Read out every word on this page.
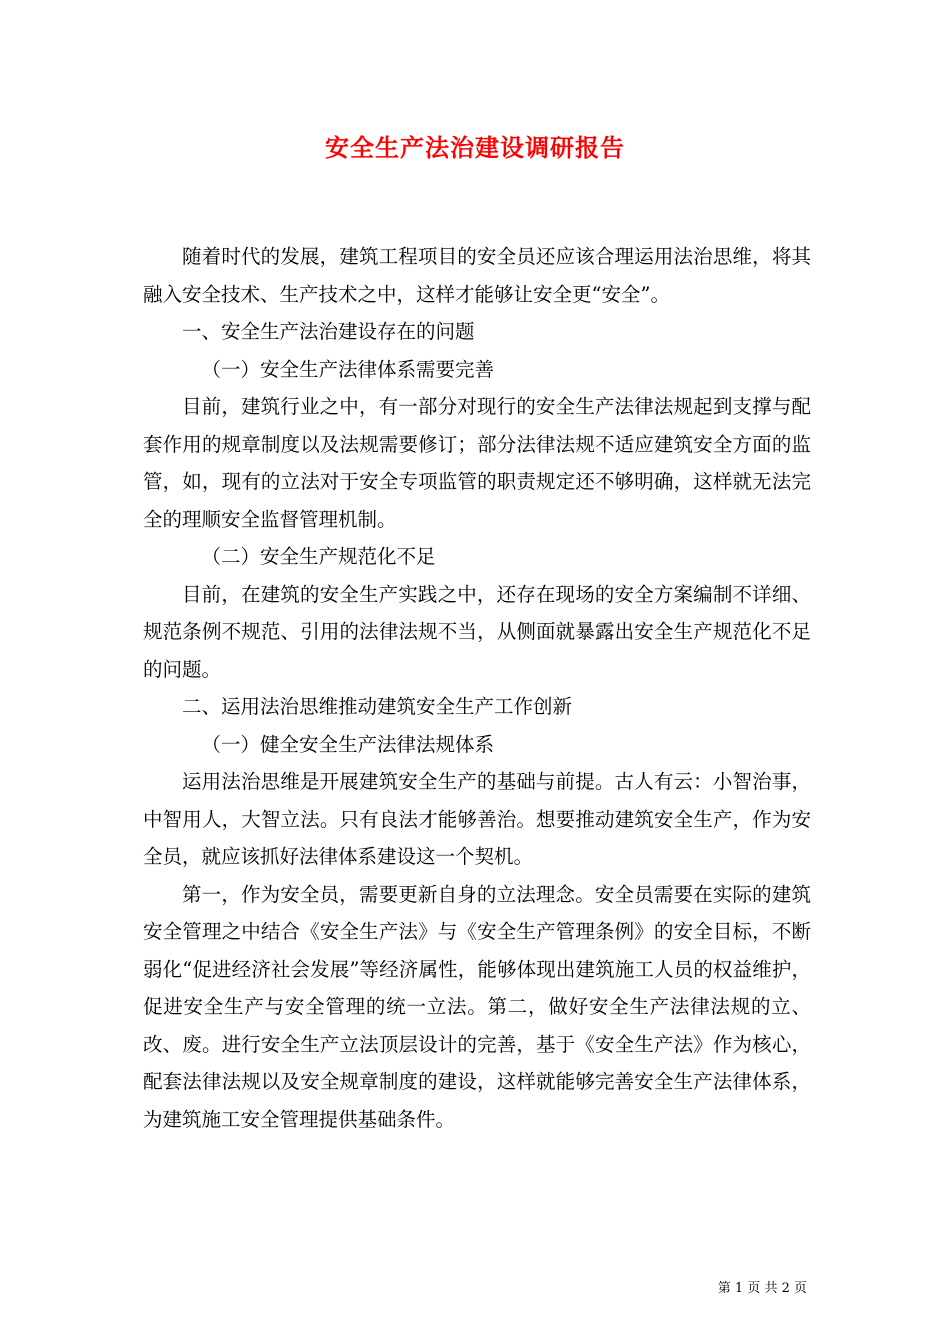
安全生产法治建设调研报告

随着时代的发展，建筑工程项目的安全员还应该合理运用法治思维，将其融入安全技术、生产技术之中，这样才能够让安全更“安全”。

一、安全生产法治建设存在的问题

（一）安全生产法律体系需要完善

目前，建筑行业之中，有一部分对现行的安全生产法律法规起到支撑与配套作用的规章制度以及法规需要修订；部分法律法规不适应建筑安全方面的监管，如，现有的立法对于安全专项监管的职责规定还不够明确，这样就无法完全的理顺安全监督管理机制。

（二）安全生产规范化不足

目前，在建筑的安全生产实践之中，还存在现场的安全方案编制不详细、规范条例不规范、引用的法律法规不当，从侧面就暴露出安全生产规范化不足的问题。

二、运用法治思维推动建筑安全生产工作创新

（一）健全安全生产法律法规体系

运用法治思维是开展建筑安全生产的基础与前提。古人有云：小智治事，中智用人，大智立法。只有良法才能够善治。想要推动建筑安全生产，作为安全员，就应该抓好法律体系建设这一个契机。

第一，作为安全员，需要更新自身的立法理念。安全员需要在实际的建筑安全管理之中结合《安全生产法》与《安全生产管理条例》的安全目标，不断弱化“促进经济社会发展”等经济属性，能够体现出建筑施工人员的权益维护，促进安全生产与安全管理的统一立法。第二，做好安全生产法律法规的立、改、废。进行安全生产立法顶层设计的完善，基于《安全生产法》作为核心，配套法律法规以及安全规章制度的建设，这样就能够完善安全生产法律体系，为建筑施工安全管理提供基础条件。

第 1 页 共 2 页
